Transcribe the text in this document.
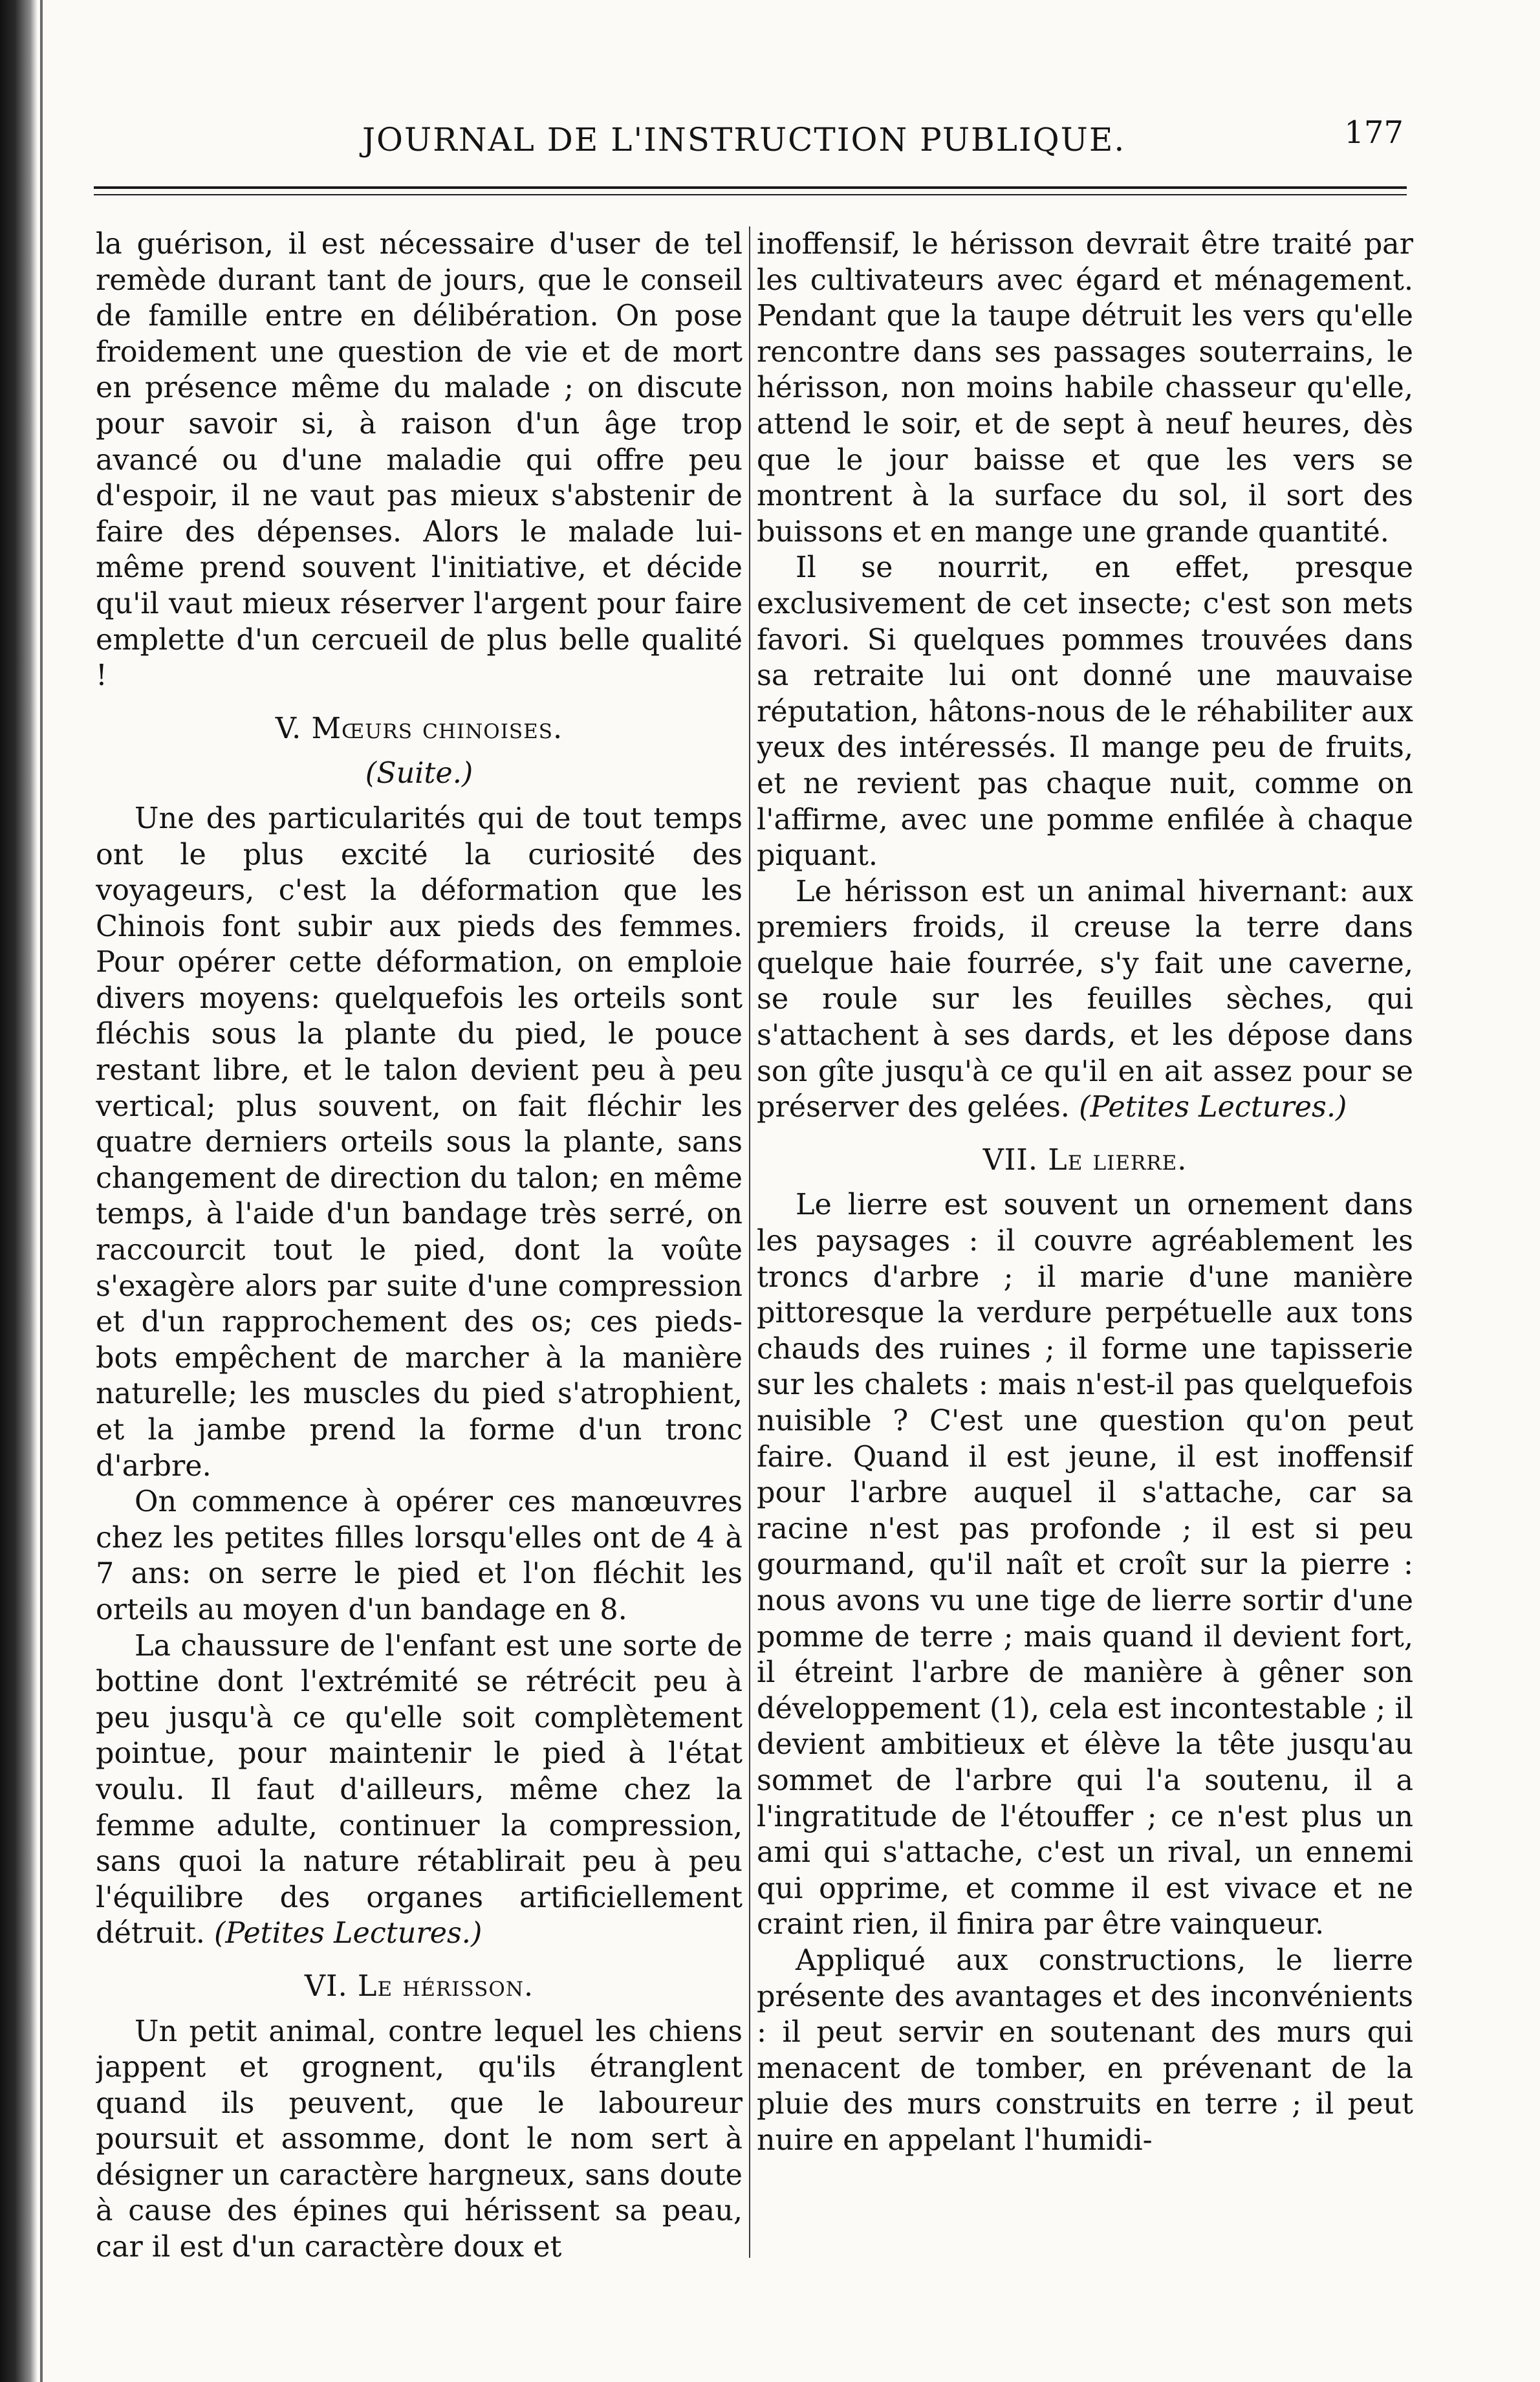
JOURNAL DE L'INSTRUCTION PUBLIQUE.	177

la guérison, il est nécessaire d'user de tel remède durant tant de jours, que le conseil de famille entre en délibération. On pose froidement une question de vie et de mort en présence même du malade ; on discute pour savoir si, à raison d'un âge trop avancé ou d'une maladie qui offre peu d'espoir, il ne vaut pas mieux s'abstenir de faire des dépenses. Alors le malade lui-même prend souvent l'initiative, et décide qu'il vaut mieux réserver l'argent pour faire emplette d'un cercueil de plus belle qualité !

V. Mœurs chinoises.
(Suite.)

Une des particularités qui de tout temps ont le plus excité la curiosité des voyageurs, c'est la déformation que les Chinois font subir aux pieds des femmes. Pour opérer cette déformation, on emploie divers moyens: quelquefois les orteils sont fléchis sous la plante du pied, le pouce restant libre, et le talon devient peu à peu vertical; plus souvent, on fait fléchir les quatre derniers orteils sous la plante, sans changement de direction du talon; en même temps, à l'aide d'un bandage très serré, on raccourcit tout le pied, dont la voûte s'exagère alors par suite d'une compression et d'un rapprochement des os; ces pieds-bots empêchent de marcher à la manière naturelle; les muscles du pied s'atrophient, et la jambe prend la forme d'un tronc d'arbre.

On commence à opérer ces manœuvres chez les petites filles lorsqu'elles ont de 4 à 7 ans: on serre le pied et l'on fléchit les orteils au moyen d'un bandage en 8.

La chaussure de l'enfant est une sorte de bottine dont l'extrémité se rétrécit peu à peu jusqu'à ce qu'elle soit complètement pointue, pour maintenir le pied à l'état voulu. Il faut d'ailleurs, même chez la femme adulte, continuer la compression, sans quoi la nature rétablirait peu à peu l'équilibre des organes artificiellement détruit. (Petites Lectures.)

VI. Le hérisson.

Un petit animal, contre lequel les chiens jappent et grognent, qu'ils étranglent quand ils peuvent, que le laboureur poursuit et assomme, dont le nom sert à désigner un caractère hargneux, sans doute à cause des épines qui hérissent sa peau, car il est d'un caractère doux et

inoffensif, le hérisson devrait être traité par les cultivateurs avec égard et ménagement. Pendant que la taupe détruit les vers qu'elle rencontre dans ses passages souterrains, le hérisson, non moins habile chasseur qu'elle, attend le soir, et de sept à neuf heures, dès que le jour baisse et que les vers se montrent à la surface du sol, il sort des buissons et en mange une grande quantité.

Il se nourrit, en effet, presque exclusivement de cet insecte; c'est son mets favori. Si quelques pommes trouvées dans sa retraite lui ont donné une mauvaise réputation, hâtons-nous de le réhabiliter aux yeux des intéressés. Il mange peu de fruits, et ne revient pas chaque nuit, comme on l'affirme, avec une pomme enfilée à chaque piquant.

Le hérisson est un animal hivernant: aux premiers froids, il creuse la terre dans quelque haie fourrée, s'y fait une caverne, se roule sur les feuilles sèches, qui s'attachent à ses dards, et les dépose dans son gîte jusqu'à ce qu'il en ait assez pour se préserver des gelées. (Petites Lectures.)

VII. Le lierre.

Le lierre est souvent un ornement dans les paysages : il couvre agréablement les troncs d'arbre ; il marie d'une manière pittoresque la verdure perpétuelle aux tons chauds des ruines ; il forme une tapisserie sur les chalets : mais n'est-il pas quelquefois nuisible ? C'est une question qu'on peut faire. Quand il est jeune, il est inoffensif pour l'arbre auquel il s'attache, car sa racine n'est pas profonde ; il est si peu gourmand, qu'il naît et croît sur la pierre : nous avons vu une tige de lierre sortir d'une pomme de terre ; mais quand il devient fort, il étreint l'arbre de manière à gêner son développement (1), cela est incontestable ; il devient ambitieux et élève la tête jusqu'au sommet de l'arbre qui l'a soutenu, il a l'ingratitude de l'étouffer ; ce n'est plus un ami qui s'attache, c'est un rival, un ennemi qui opprime, et comme il est vivace et ne craint rien, il finira par être vainqueur.

Appliqué aux constructions, le lierre présente des avantages et des inconvénients : il peut servir en soutenant des murs qui menacent de tomber, en prévenant de la pluie des murs construits en terre ; il peut nuire en appelant l'humidi-
